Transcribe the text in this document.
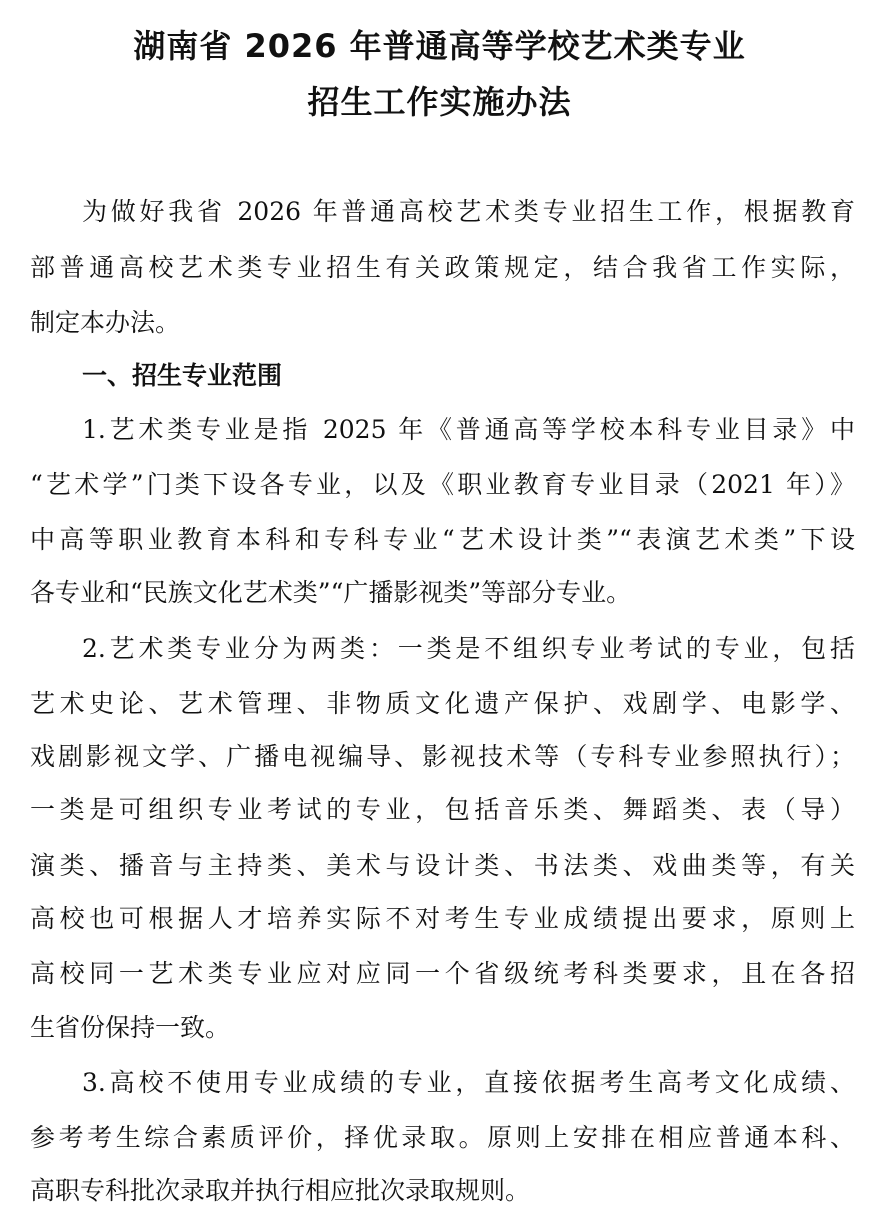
湖南省 2026 年普通高等学校艺术类专业
招生工作实施办法
为做好我省 2026 年普通高校艺术类专业招生工作，根据教育
部普通高校艺术类专业招生有关政策规定，结合我省工作实际，
制定本办法。
一、招生专业范围
1.艺术类专业是指 2025 年《普通高等学校本科专业目录》中
“艺术学”门类下设各专业，以及《职业教育专业目录（2021 年）》
中高等职业教育本科和专科专业“艺术设计类”“表演艺术类”下设
各专业和“民族文化艺术类”“广播影视类”等部分专业。
2.艺术类专业分为两类：一类是不组织专业考试的专业，包括
艺术史论、艺术管理、非物质文化遗产保护、戏剧学、电影学、
戏剧影视文学、广播电视编导、影视技术等（专科专业参照执行）；
一类是可组织专业考试的专业，包括音乐类、舞蹈类、表（导）
演类、播音与主持类、美术与设计类、书法类、戏曲类等，有关
高校也可根据人才培养实际不对考生专业成绩提出要求，原则上
高校同一艺术类专业应对应同一个省级统考科类要求，且在各招
生省份保持一致。
3.高校不使用专业成绩的专业，直接依据考生高考文化成绩、
参考考生综合素质评价，择优录取。原则上安排在相应普通本科、
高职专科批次录取并执行相应批次录取规则。
